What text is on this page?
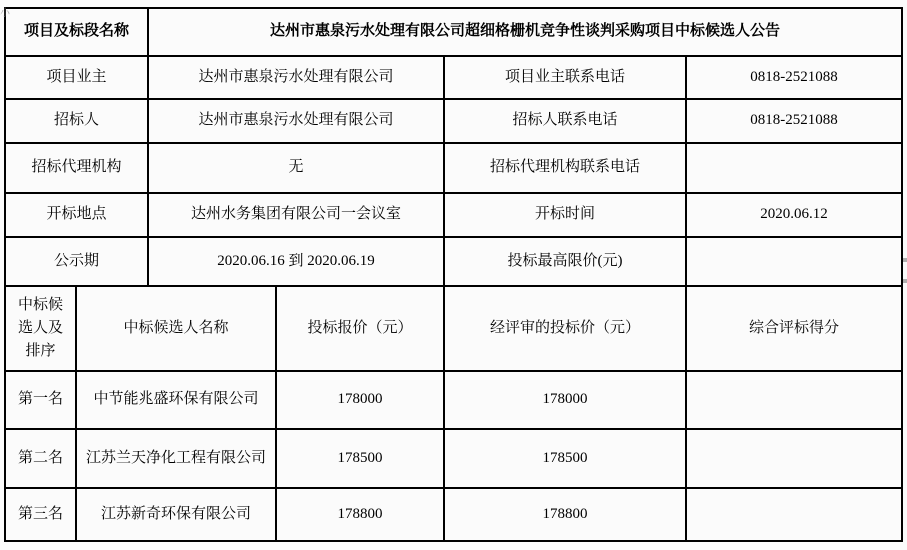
小
项目及标段名称		达州市惠泉污水处理有限公司超细格栅机竞争性谈判采购项目中标候选人公告			
项目业主		达州市惠泉污水处理有限公司		项目业主联系电话	0818-2521088
招标人		达州市惠泉污水处理有限公司		招标人联系电话	0818-2521088
招标代理机构		无		招标代理机构联系电话	
开标地点		达州水务集团有限公司一会议室		开标时间	2020.06.12
公示期		2020.06.16 到 2020.06.19		投标最高限价(元)	
中标候选人及排序	中标候选人名称		投标报价（元）	经评审的投标价（元）	综合评标得分
第一名	中节能兆盛环保有限公司		178000	178000	
第二名	江苏兰天净化工程有限公司		178500	178500	
第三名	江苏新奇环保有限公司		178800	178800	
